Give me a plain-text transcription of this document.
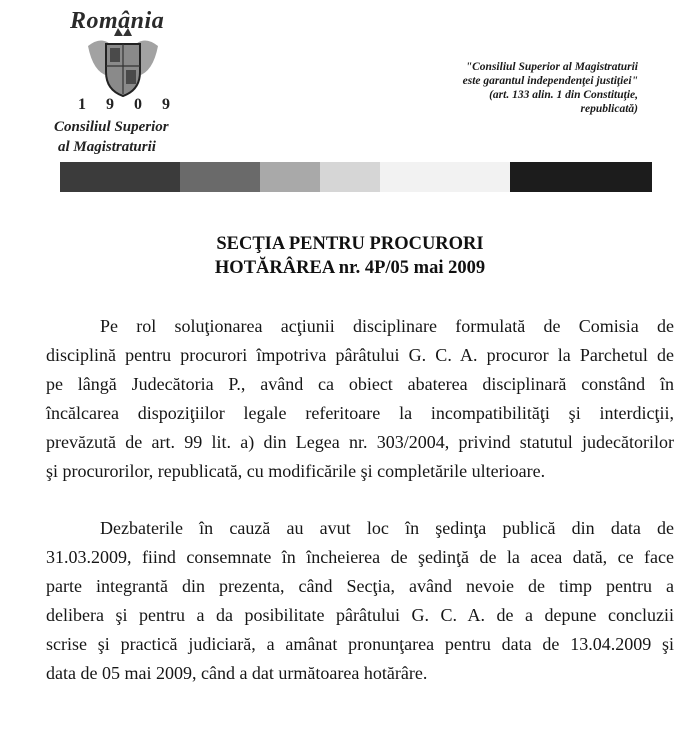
România
1 9 0 9
Consiliul Superior
al Magistraturii
"Consiliul Superior al Magistraturii
este garantul independenţei justiţiei"
(art. 133 alin. 1 din Constituţie,
republicată)
SECŢIA PENTRU PROCURORI
HOTĂRÂREA nr. 4P/05 mai 2009
Pe rol soluţionarea acţiunii disciplinare formulată de Comisia de
disciplină pentru procurori împotriva pârâtului G. C. A. procuror la Parchetul de
pe lângă Judecătoria P., având ca obiect abaterea disciplinară constând în
încălcarea dispoziţiilor legale referitoare la incompatibilităţi şi interdicţii,
prevăzută de art. 99 lit. a) din Legea nr. 303/2004, privind statutul judecătorilor
şi procurorilor, republicată, cu modificările şi completările ulterioare.
Dezbaterile în cauză au avut loc în şedinţa publică din data de
31.03.2009, fiind consemnate în încheierea de şedinţă de la acea dată, ce face
parte integrantă din prezenta, când Secţia, având nevoie de timp pentru a
delibera şi pentru a da posibilitate pârâtului G. C. A. de a depune concluzii
scrise şi practică judiciară, a amânat pronunţarea pentru data de 13.04.2009 şi
data de 05 mai 2009, când a dat următoarea hotărâre.
